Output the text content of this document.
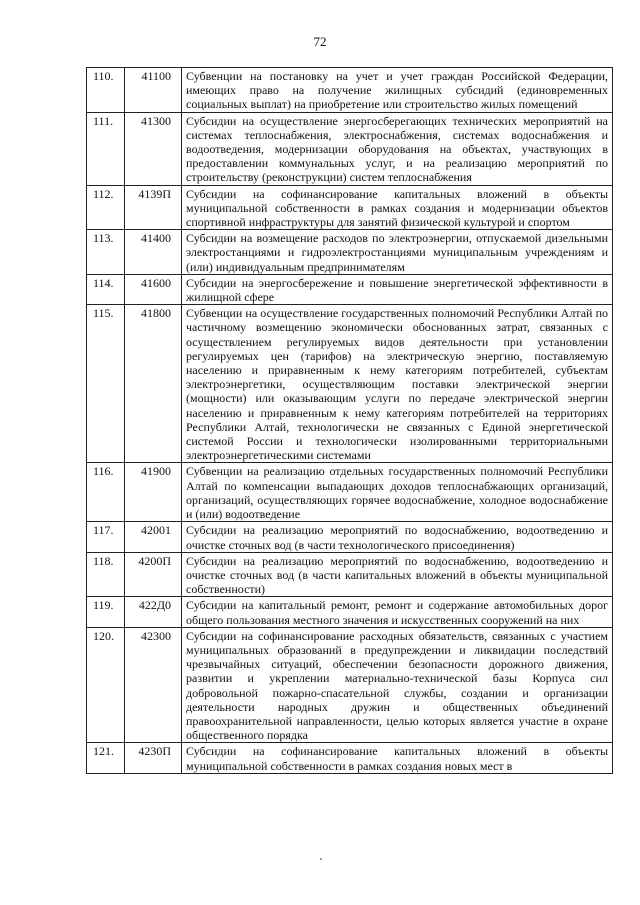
72
110.	41100	Субвенции на постановку на учет и учет граждан Российской Федерации, имеющих право на получение жилищных субсидий (единовременных социальных выплат) на приобретение или строительство жилых помещений

111.	41300	Субсидии на осуществление энергосберегающих технических мероприятий на системах теплоснабжения, электроснабжения, системах водоснабжения и водоотведения, модернизации оборудования на объектах, участвующих в предоставлении коммунальных услуг, и на реализацию мероприятий по строительству (реконструкции) систем теплоснабжения

112.	4139П	Субсидии на софинансирование капитальных вложений в объекты муниципальной собственности в рамках создания и модернизации объектов спортивной инфраструктуры для занятий физической культурой и спортом

113.	41400	Субсидии на возмещение расходов по электроэнергии, отпускаемой дизельными электростанциями и гидроэлектростанциями муниципальным учреждениям и (или) индивидуальным предпринимателям

114.	41600	Субсидии на энергосбережение и повышение энергетической эффективности в жилищной сфере

115.	41800	Субвенции на осуществление государственных полномочий Республики Алтай по частичному возмещению экономически обоснованных затрат, связанных с осуществлением регулируемых видов деятельности при установлении регулируемых цен (тарифов) на электрическую энергию, поставляемую населению и приравненным к нему категориям потребителей, субъектам электроэнергетики, осуществляющим поставки электрической энергии (мощности) или оказывающим услуги по передаче электрической энергии населению и приравненным к нему категориям потребителей на территориях Республики Алтай, технологически не связанных с Единой энергетической системой России и технологически изолированными территориальными электроэнергетическими системами

116.	41900	Субвенции на реализацию отдельных государственных полномочий Республики Алтай по компенсации выпадающих доходов теплоснабжающих организаций, организаций, осуществляющих горячее водоснабжение, холодное водоснабжение и (или) водоотведение

117.	42001	Субсидии на реализацию мероприятий по водоснабжению, водоотведению и очистке сточных вод (в части технологического присоединения)

118.	4200П	Субсидии на реализацию мероприятий по водоснабжению, водоотведению и очистке сточных вод (в части капитальных вложений в объекты муниципальной собственности)

119.	422Д0	Субсидии на капитальный ремонт, ремонт и содержание автомобильных дорог общего пользования местного значения и искусственных сооружений на них

120.	42300	Субсидии на софинансирование расходных обязательств, связанных с участием муниципальных образований в предупреждении и ликвидации последствий чрезвычайных ситуаций, обеспечении безопасности дорожного движения, развитии и укреплении материально-технической базы Корпуса сил добровольной пожарно-спасательной службы, создании и организации деятельности народных дружин и общественных объединений правоохранительной направленности, целью которых является участие в охране общественного порядка

121.	4230П	Субсидии на софинансирование капитальных вложений в объекты муниципальной собственности в рамках создания новых мест в
